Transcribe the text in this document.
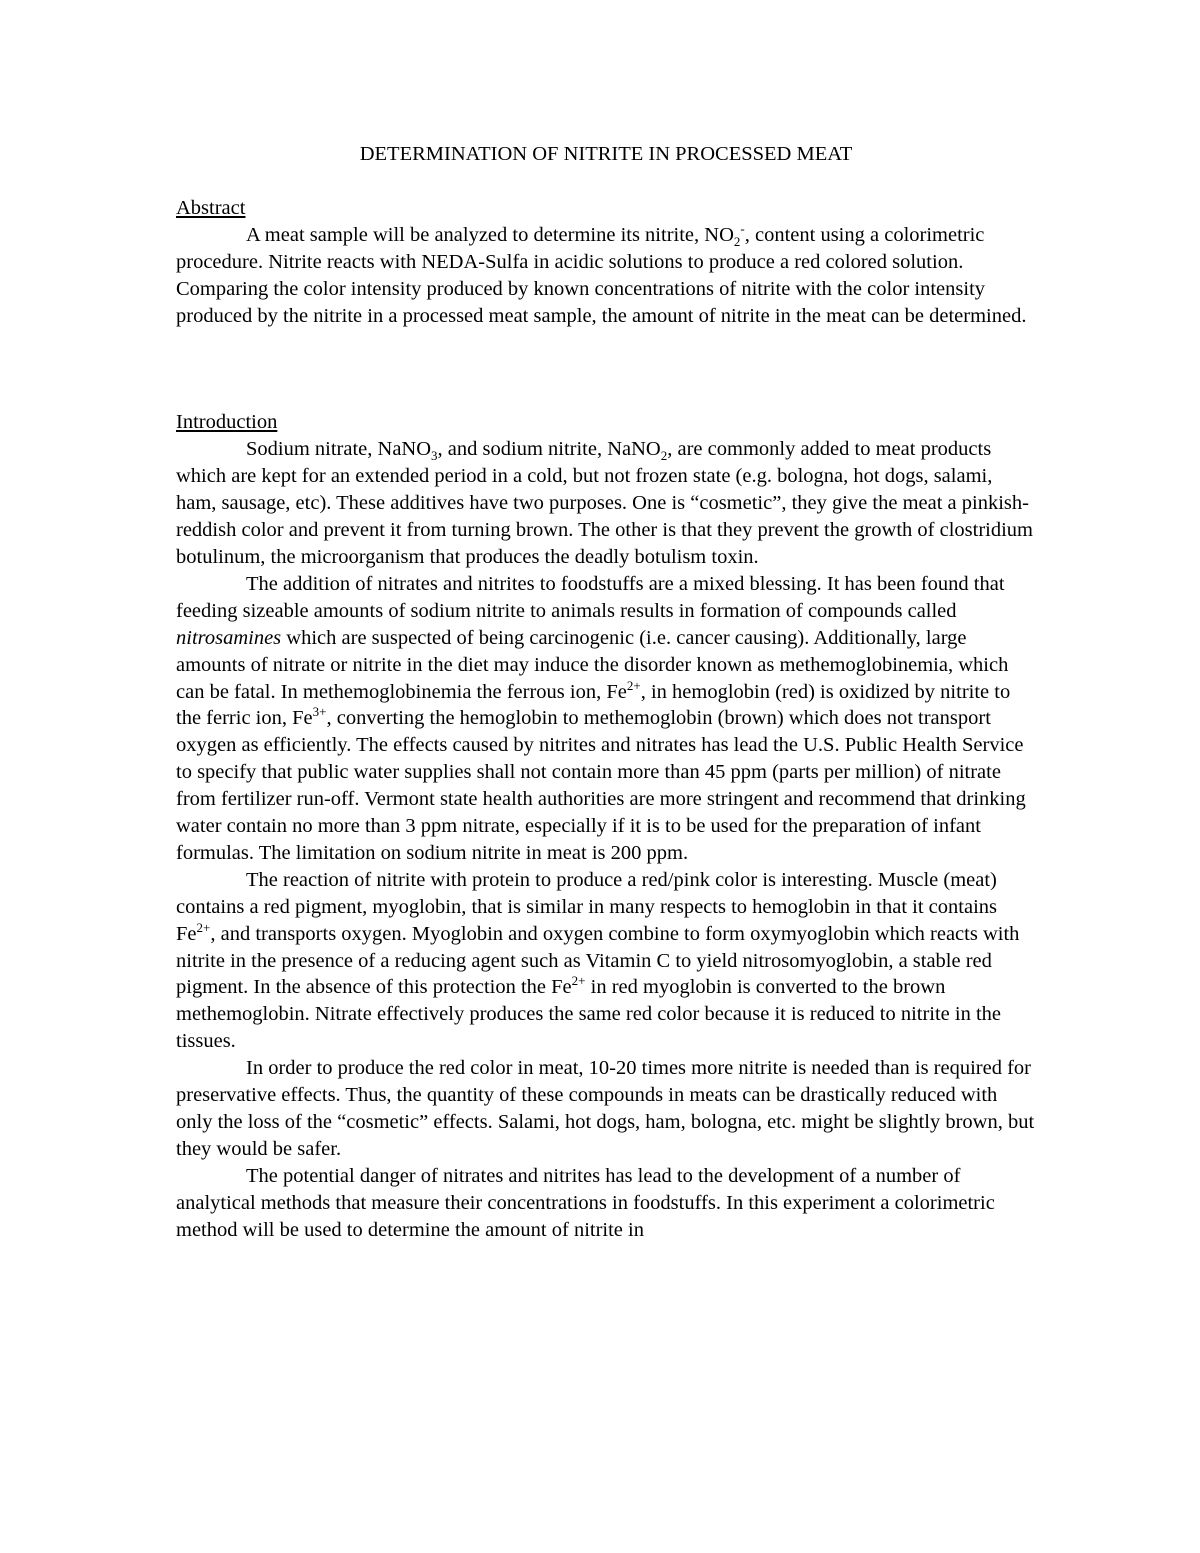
DETERMINATION OF NITRITE IN PROCESSED MEAT
Abstract

A meat sample will be analyzed to determine its nitrite, $NO_2^-$, content using a colorimetric procedure. Nitrite reacts with NEDA-Sulfa in acidic solutions to produce a red colored solution. Comparing the color intensity produced by known concentrations of nitrite with the color intensity produced by the nitrite in a processed meat sample, the amount of nitrite in the meat can be determined.

Introduction

Sodium nitrate, NaNO$_3$, and sodium nitrite, NaNO$_2$, are commonly added to meat products which are kept for an extended period in a cold, but not frozen state (e.g. bologna, hot dogs, salami, ham, sausage, etc). These additives have two purposes. One is “cosmetic”, they give the meat a pinkish-reddish color and prevent it from turning brown. The other is that they prevent the growth of clostridium botulinum, the microorganism that produces the deadly botulism toxin.

The addition of nitrates and nitrites to foodstuffs are a mixed blessing. It has been found that feeding sizeable amounts of sodium nitrite to animals results in formation of compounds called nitrosamines which are suspected of being carcinogenic (i.e. cancer causing). Additionally, large amounts of nitrate or nitrite in the diet may induce the disorder known as methemoglobinemia, which can be fatal. In methemoglobinemia the ferrous ion, $Fe^{2+}$, in hemoglobin (red) is oxidized by nitrite to the ferric ion, $Fe^{3+}$, converting the hemoglobin to methemoglobin (brown) which does not transport oxygen as efficiently. The effects caused by nitrites and nitrates has lead the U.S. Public Health Service to specify that public water supplies shall not contain more than 45 ppm (parts per million) of nitrate from fertilizer run-off. Vermont state health authorities are more stringent and recommend that drinking water contain no more than 3 ppm nitrate, especially if it is to be used for the preparation of infant formulas. The limitation on sodium nitrite in meat is 200 ppm.

The reaction of nitrite with protein to produce a red/pink color is interesting. Muscle (meat) contains a red pigment, myoglobin, that is similar in many respects to hemoglobin in that it contains $Fe^{2+}$, and transports oxygen. Myoglobin and oxygen combine to form oxymyoglobin which reacts with nitrite in the presence of a reducing agent such as Vitamin C to yield nitrosomyoglobin, a stable red pigment. In the absence of this protection the $Fe^{2+}$ in red myoglobin is converted to the brown methemoglobin. Nitrate effectively produces the same red color because it is reduced to nitrite in the tissues.

In order to produce the red color in meat, 10-20 times more nitrite is needed than is required for preservative effects. Thus, the quantity of these compounds in meats can be drastically reduced with only the loss of the “cosmetic” effects. Salami, hot dogs, ham, bologna, etc. might be slightly brown, but they would be safer.

The potential danger of nitrates and nitrites has lead to the development of a number of analytical methods that measure their concentrations in foodstuffs. In this experiment a colorimetric method will be used to determine the amount of nitrite in
